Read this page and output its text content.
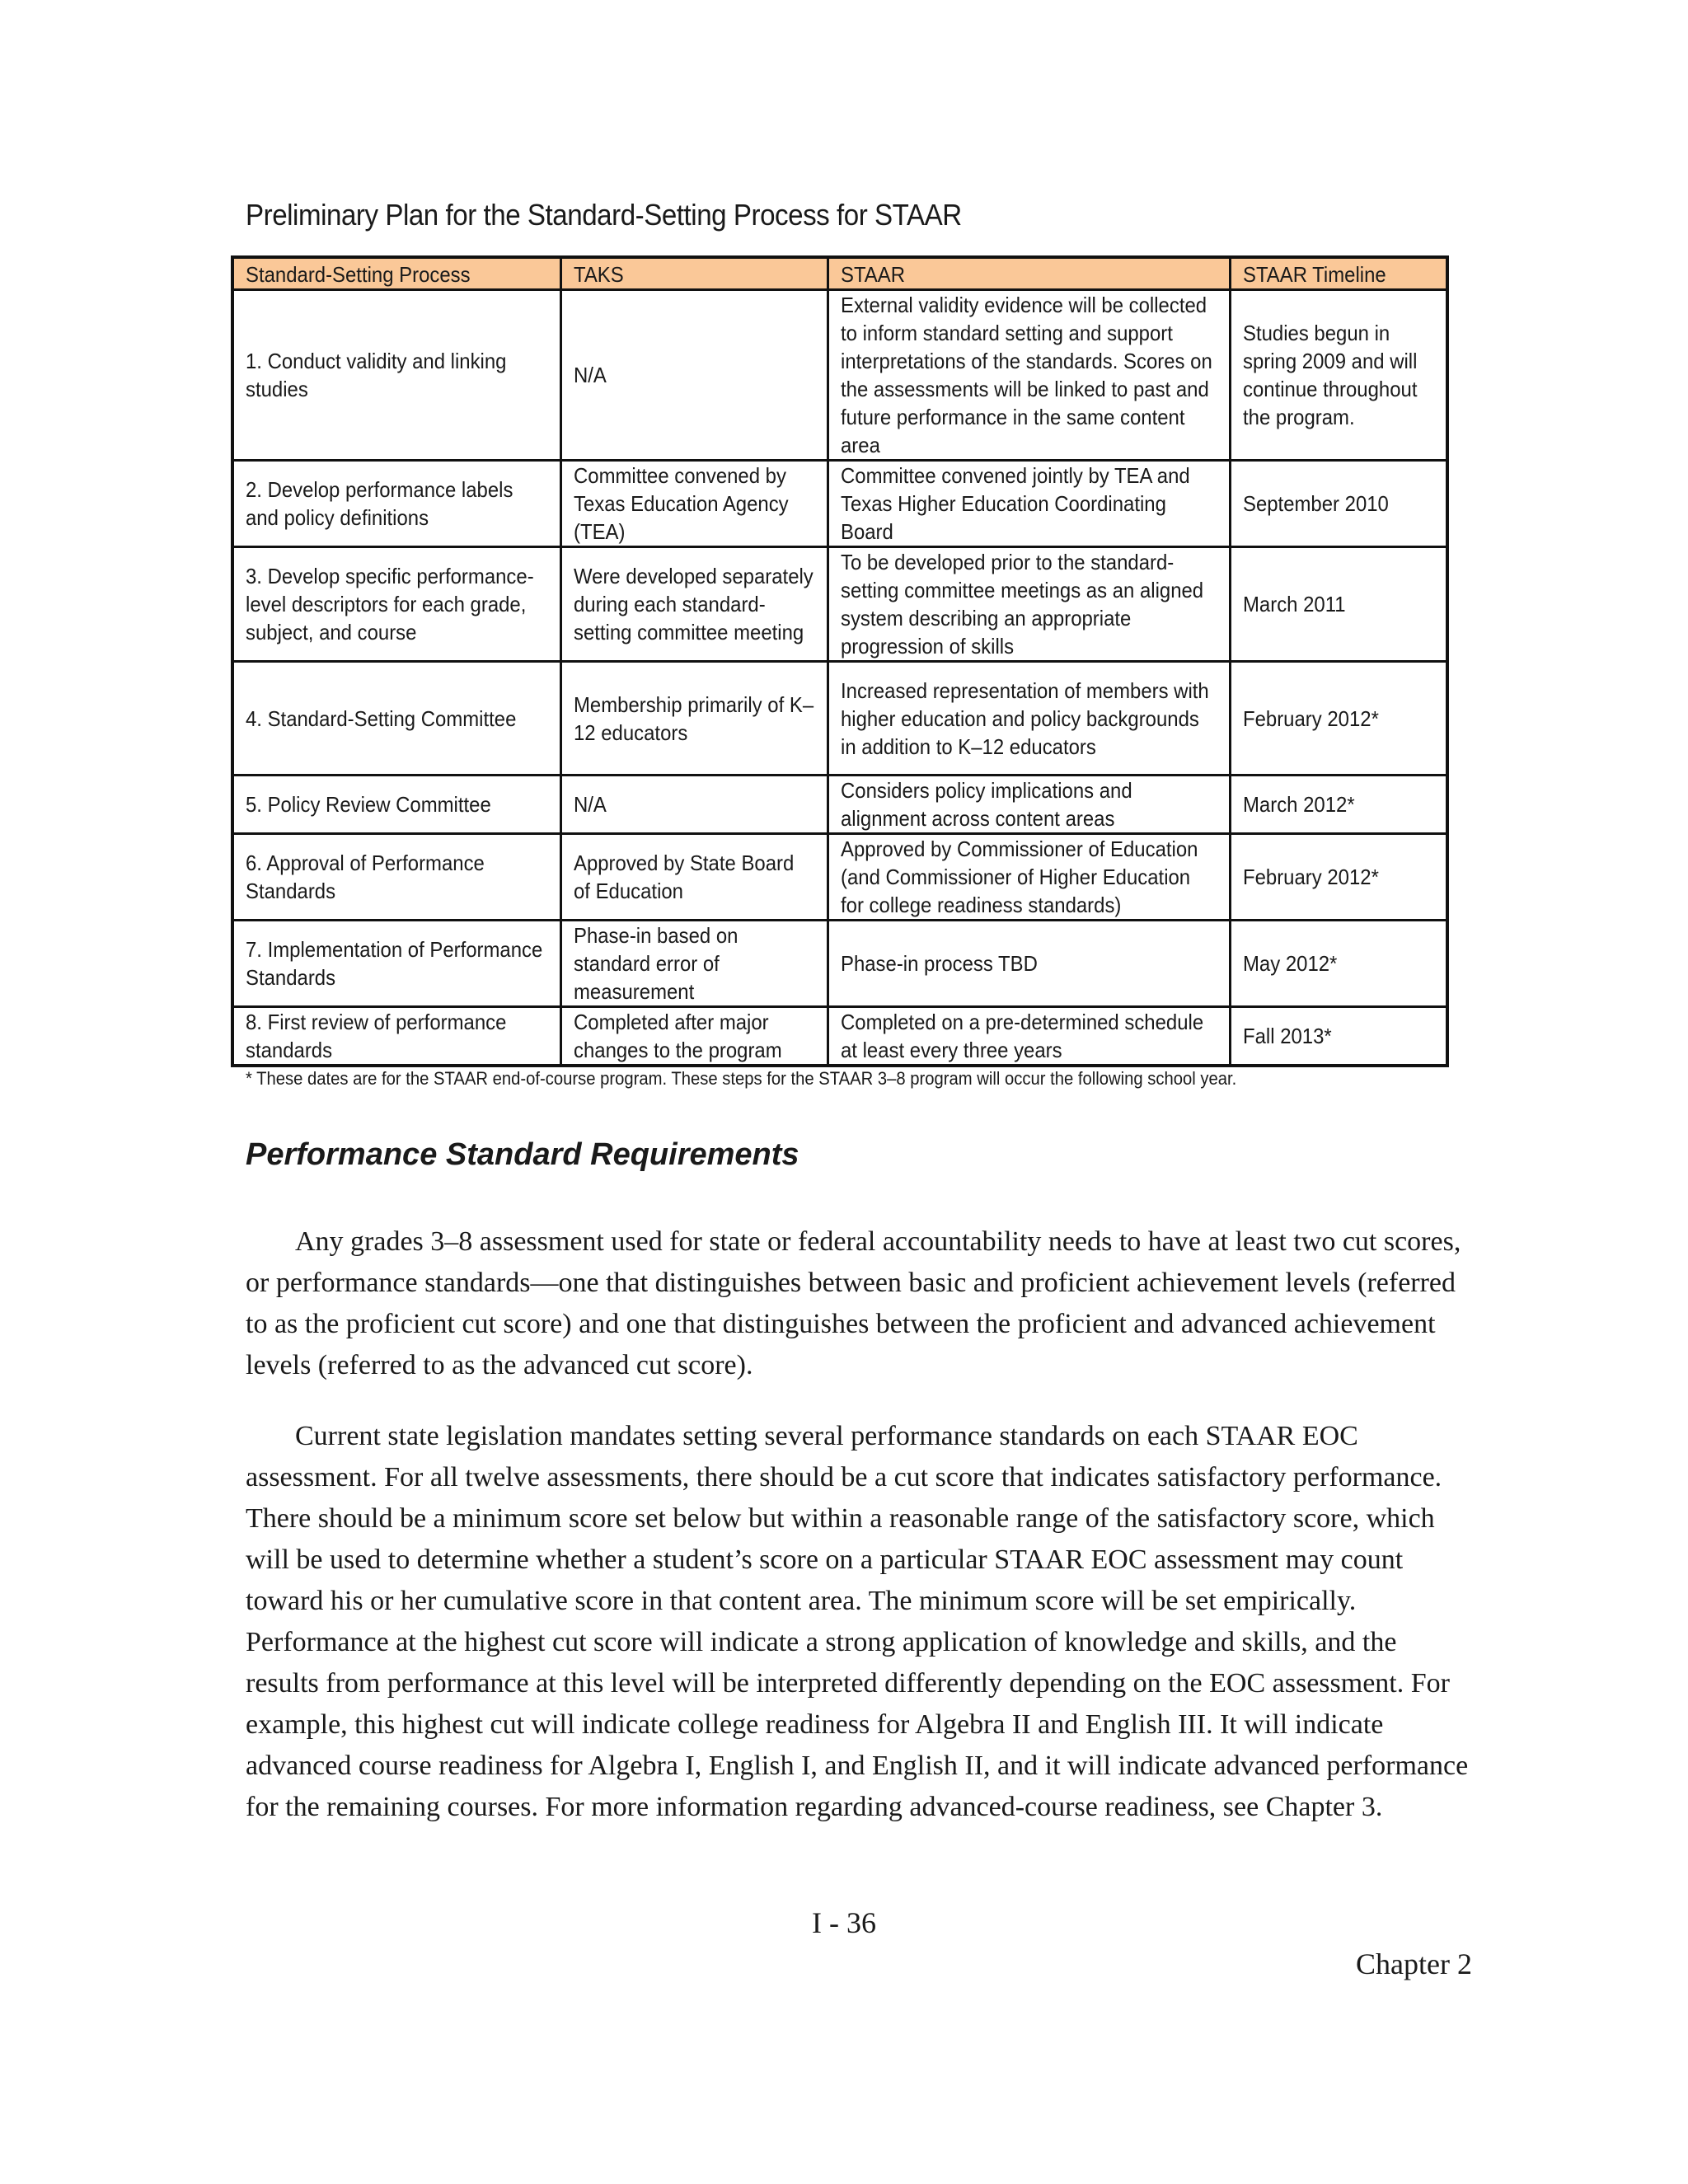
Preliminary Plan for the Standard-Setting Process for STAAR
Standard-Setting Process	TAKS	STAAR	STAAR Timeline

1. Conduct validity and linking studies	N/A	External validity evidence will be collected to inform standard setting and support interpretations of the standards. Scores on the assessments will be linked to past and future performance in the same content area	Studies begun in spring 2009 and will continue throughout the program.

2. Develop performance labels and policy definitions	Committee convened by Texas Education Agency (TEA)	Committee convened jointly by TEA and Texas Higher Education Coordinating Board	September 2010

3. Develop specific performance-level descriptors for each grade, subject, and course	Were developed separately during each standard-setting committee meeting	To be developed prior to the standard-setting committee meetings as an aligned system describing an appropriate progression of skills	March 2011

4. Standard-Setting Committee	Membership primarily of K–12 educators	Increased representation of members with higher education and policy backgrounds in addition to K–12 educators	February 2012*

5. Policy Review Committee	N/A	Considers policy implications and alignment across content areas	March 2012*

6. Approval of Performance Standards	Approved by State Board of Education	Approved by Commissioner of Education (and Commissioner of Higher Education for college readiness standards)	February 2012*

7. Implementation of Performance Standards	Phase-in based on standard error of measurement	Phase-in process TBD	May 2012*

8. First review of performance standards	Completed after major changes to the program	Completed on a pre-determined schedule at least every three years	Fall 2013*
* These dates are for the STAAR end-of-course program. These steps for the STAAR 3–8 program will occur the following school year.
Performance Standard Requirements

Any grades 3–8 assessment used for state or federal accountability needs to have at least two cut scores, or performance standards—one that distinguishes between basic and proficient achievement levels (referred to as the proficient cut score) and one that distinguishes between the proficient and advanced achievement levels (referred to as the advanced cut score).

Current state legislation mandates setting several performance standards on each STAAR EOC assessment. For all twelve assessments, there should be a cut score that indicates satisfactory performance. There should be a minimum score set below but within a reasonable range of the satisfactory score, which will be used to determine whether a student’s score on a particular STAAR EOC assessment may count toward his or her cumulative score in that content area. The minimum score will be set empirically. Performance at the highest cut score will indicate a strong application of knowledge and skills, and the results from performance at this level will be interpreted differently depending on the EOC assessment. For example, this highest cut will indicate college readiness for Algebra II and English III. It will indicate advanced course readiness for Algebra I, English I, and English II, and it will indicate advanced performance for the remaining courses. For more information regarding advanced-course readiness, see Chapter 3.

I - 36
Chapter 2
